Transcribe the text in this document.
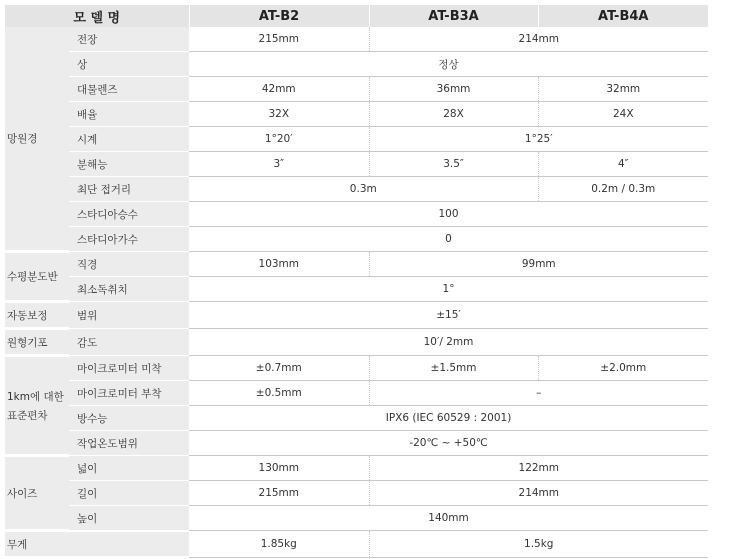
모 델 명		AT-B2	AT-B3A	AT-B4A
망원경	전장	215mm	214mm	
	상	정상		
	대물렌즈	42mm	36mm	32mm
	배율	32X	28X	24X
	시계	1°20′	1°25′	
	분해능	3″	3.5″	4″
	최단 접거리	0.3m		0.2m / 0.3m
	스타디아승수	100		
	스타디아가수	0		
수평분도반	직경	103mm	99mm	
	최소독취치	1°		
자동보정	범위	±15′		
원형기포	감도	10′/ 2mm		
1km에 대한	마이크로미터 미착	±0.7mm	±1.5mm	±2.0mm
	마이크로미터 부착	±0.5mm	–	
표준편차	방수능	IPX6 (IEC 60529 : 2001)		
	작업온도범위	-20℃ ~ +50℃		
사이즈	넓이	130mm	122mm	
	길이	215mm	214mm	
	높이	140mm		
무게		1.85kg	1.5kg	
